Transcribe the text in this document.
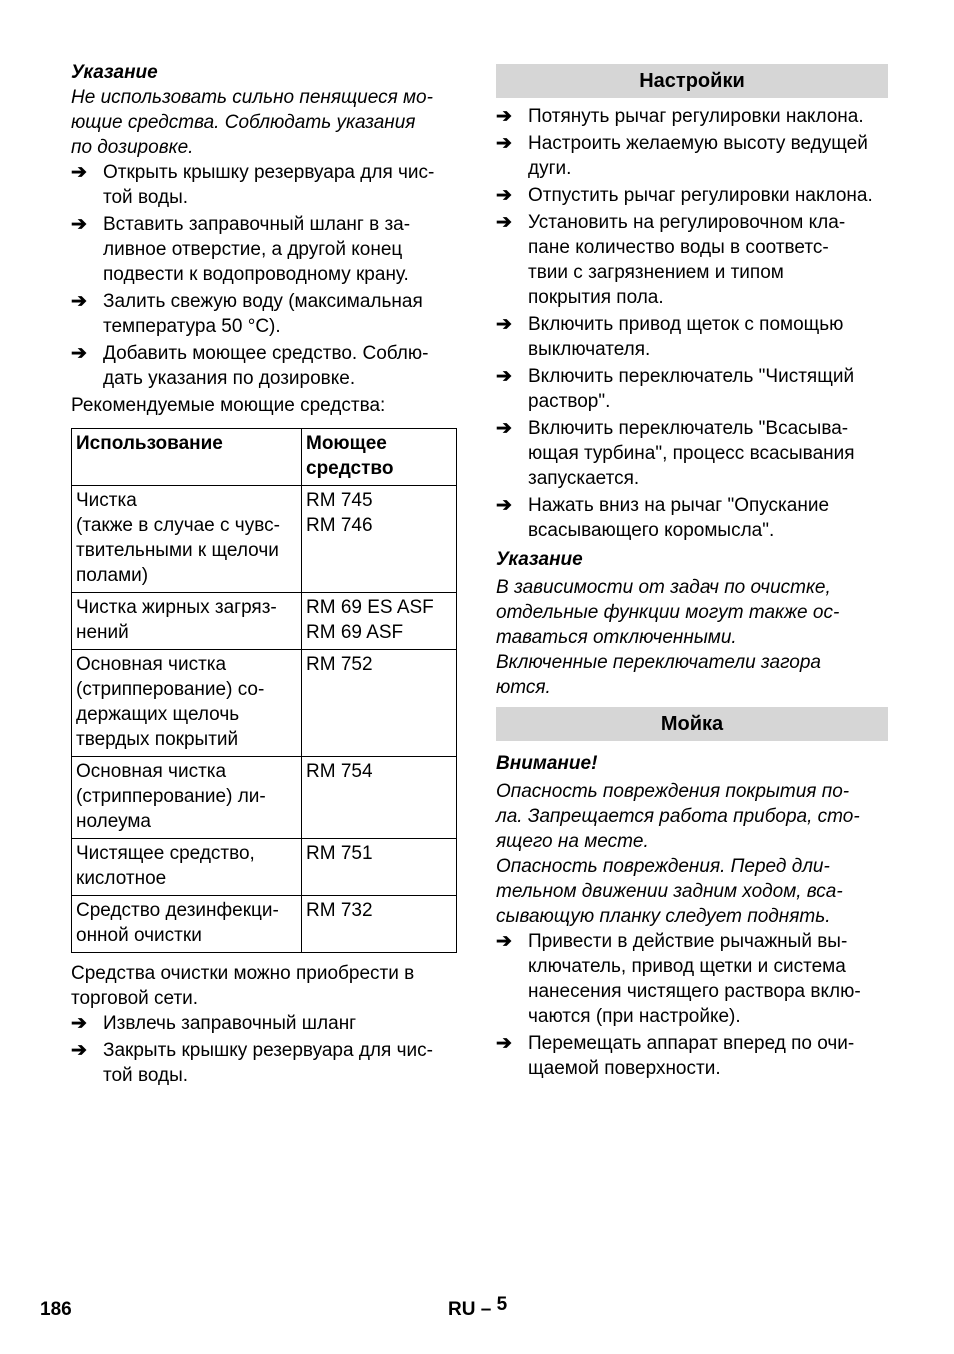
Указание

Не использовать сильно пенящиеся мо-
ющие средства. Соблюдать указания
по дозировке.

➔ Открыть крышку резервуара для чис-
той воды.
➔ Вставить заправочный шланг в за-
ливное отверстие, а другой конец
подвести к водопроводному крану.
➔ Залить свежую воду (максимальная
температура 50 °C).
➔ Добавить моющее средство. Соблю-
дать указания по дозировке.

Рекомендуемые моющие средства:

Использование	Моющее
средство

Чистка
(также в случае с чувс-
твительными к щелочи
полами)	RM 745
RM 746

Чистка жирных загряз-
нений	RM 69 ES ASF
RM 69 ASF

Основная чистка
(стрипперование) со-
держащих щелочь
твердых покрытий	RM 752

Основная чистка
(стрипперование) ли-
нолеума	RM 754

Чистящее средство,
кислотное	RM 751

Средство дезинфекци-
онной очистки	RM 732

Средства очистки можно приобрести в
торговой сети.

➔ Извлечь заправочный шланг
➔ Закрыть крышку резервуара для чис-
той воды.
Настройки
➔ Потянуть рычаг регулировки наклона.
➔ Настроить желаемую высоту ведущей
дуги.
➔ Отпустить рычаг регулировки наклона.
➔ Установить на регулировочном кла-
пане количество воды в соответс-
твии с загрязнением и типом
покрытия пола.
➔ Включить привод щеток с помощью
выключателя.
➔ Включить переключатель "Чистящий
раствор".
➔ Включить переключатель "Всасыва-
ющая турбина", процесс всасывания
запускается.
➔ Нажать вниз на рычаг "Опускание
всасывающего коромысла".

Указание

В зависимости от задач по очистке,
отдельные функции могут также ос-
таваться отключенными.
Включенные переключатели загора
ются.

Мойка

Внимание!

Опасность повреждения покрытия по-
ла. Запрещается работа прибора, сто-
ящего на месте.
Опасность повреждения. Перед дли-
тельном движении задним ходом, вса-
сывающую планку следует поднять.

➔ Привести в действие рычажный вы-
ключатель, привод щетки и система
нанесения чистящего раствора вклю-
чаются (при настройке).
➔ Перемещать аппарат вперед по очи-
щаемой поверхности.
186	RU – 5
